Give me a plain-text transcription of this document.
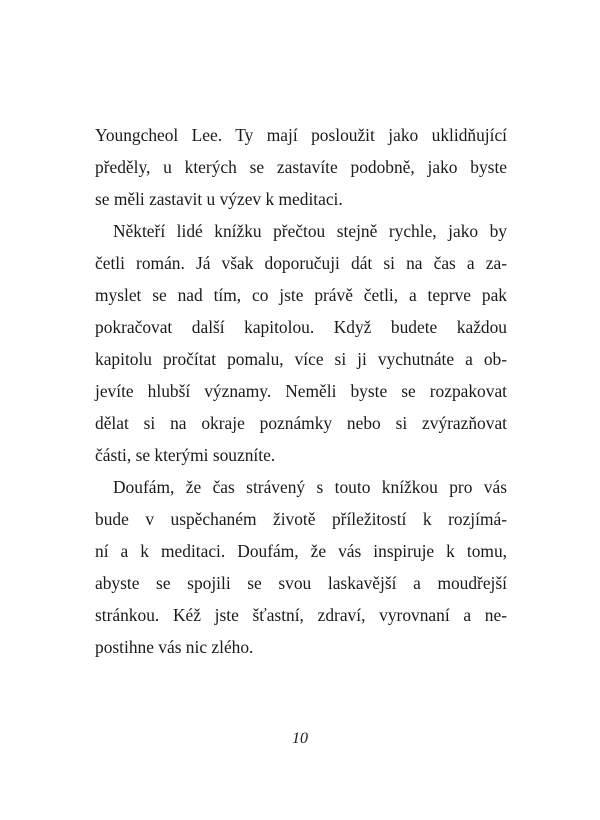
Youngcheol Lee. Ty mají posloužit jako uklidňující
předěly, u kterých se zastavíte podobně, jako byste
se měli zastavit u výzev k meditaci.
Někteří lidé knížku přečtou stejně rychle, jako by
četli román. Já však doporučuji dát si na čas a za-
myslet se nad tím, co jste právě četli, a teprve pak
pokračovat další kapitolou. Když budete každou
kapitolu pročítat pomalu, více si ji vychutnáte a ob-
jevíte hlubší významy. Neměli byste se rozpakovat
dělat si na okraje poznámky nebo si zvýrazňovat
části, se kterými souzníte.
Doufám, že čas strávený s touto knížkou pro vás
bude v uspěchaném životě příležitostí k rozjímá-
ní a k meditaci. Doufám, že vás inspiruje k tomu,
abyste se spojili se svou laskavější a moudřejší
stránkou. Kéž jste šťastní, zdraví, vyrovnaní a ne-
postihne vás nic zlého.
10
